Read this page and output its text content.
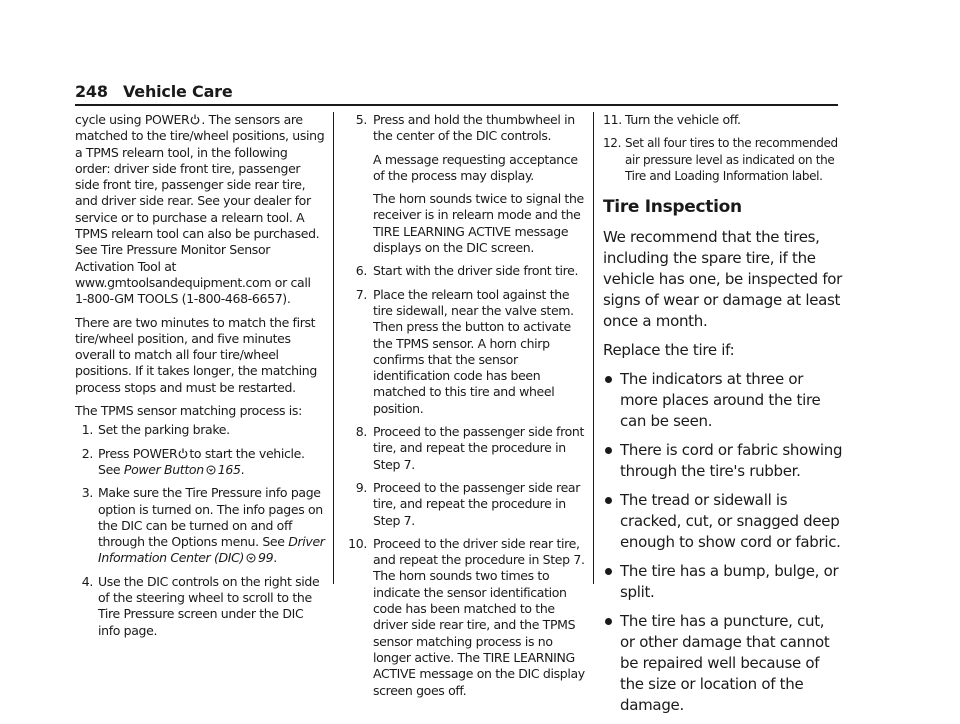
248 Vehicle Care

cycle using POWER . The sensors are matched to the tire/wheel positions, using a TPMS relearn tool, in the following order: driver side front tire, passenger side front tire, passenger side rear tire, and driver side rear. See your dealer for service or to purchase a relearn tool. A TPMS relearn tool can also be purchased. See Tire Pressure Monitor Sensor Activation Tool at www.gmtoolsandequipment.com or call 1-800-GM TOOLS (1-800-468-6657).

There are two minutes to match the first tire/wheel position, and five minutes overall to match all four tire/wheel positions. If it takes longer, the matching process stops and must be restarted.

The TPMS sensor matching process is:

1. Set the parking brake.
2. Press POWER to start the vehicle. See Power Button 165.
3. Make sure the Tire Pressure info page option is turned on. The info pages on the DIC can be turned on and off through the Options menu. See Driver Information Center (DIC) 99.
4. Use the DIC controls on the right side of the steering wheel to scroll to the Tire Pressure screen under the DIC info page.
5. Press and hold the thumbwheel in the center of the DIC controls.
A message requesting acceptance of the process may display.
The horn sounds twice to signal the receiver is in relearn mode and the TIRE LEARNING ACTIVE message displays on the DIC screen.
6. Start with the driver side front tire.
7. Place the relearn tool against the tire sidewall, near the valve stem. Then press the button to activate the TPMS sensor. A horn chirp confirms that the sensor identification code has been matched to this tire and wheel position.
8. Proceed to the passenger side front tire, and repeat the procedure in Step 7.
9. Proceed to the passenger side rear tire, and repeat the procedure in Step 7.
10. Proceed to the driver side rear tire, and repeat the procedure in Step 7. The horn sounds two times to indicate the sensor identification code has been matched to the driver side rear tire, and the TPMS sensor matching process is no longer active. The TIRE LEARNING ACTIVE message on the DIC display screen goes off.
11. Turn the vehicle off.
12. Set all four tires to the recommended air pressure level as indicated on the Tire and Loading Information label.
Tire Inspection

We recommend that the tires, including the spare tire, if the vehicle has one, be inspected for signs of wear or damage at least once a month.

Replace the tire if:

The indicators at three or more places around the tire can be seen.
There is cord or fabric showing through the tire's rubber.
The tread or sidewall is cracked, cut, or snagged deep enough to show cord or fabric.
The tire has a bump, bulge, or split.
The tire has a puncture, cut, or other damage that cannot be repaired well because of the size or location of the damage.
